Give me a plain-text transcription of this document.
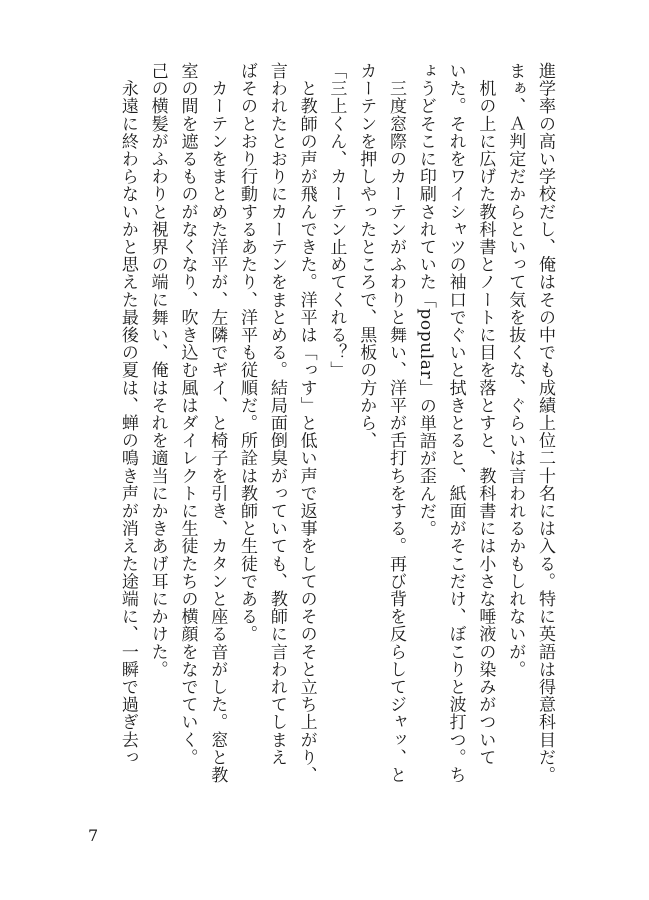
進学率の高い学校だし、俺はその中でも成績上位二十名には入る。特に英語は得意科目だ。
まぁ、Ａ判定だからといって気を抜くな、ぐらいは言われるかもしれないが。
　机の上に広げた教科書とノートに目を落とすと、教科書には小さな唾液の染みがついて
いた。それをワイシャツの袖口でぐいと拭きとると、紙面がそこだけ、ぼこりと波打つ。ち
ょうどそこに印刷されていた「popular」の単語が歪んだ。
　三度窓際のカーテンがふわりと舞い、洋平が舌打ちをする。再び背を反らしてジャッ、と
カーテンを押しやったところで、黒板の方から、
「三上くん、カーテン止めてくれる？」
　と教師の声が飛んできた。洋平は「っす」と低い声で返事をしてのそのそと立ち上がり、
言われたとおりにカーテンをまとめる。結局面倒臭がっていても、教師に言われてしまえ
ばそのとおり行動するあたり、洋平も従順だ。所詮は教師と生徒である。
　カーテンをまとめた洋平が、左隣でギイ、と椅子を引き、カタンと座る音がした。窓と教
室の間を遮るものがなくなり、吹き込む風はダイレクトに生徒たちの横顔をなでていく。
己の横髪がふわりと視界の端に舞い、俺はそれを適当にかきあげ耳にかけた。
　永遠に終わらないかと思えた最後の夏は、蝉の鳴き声が消えた途端に、一瞬で過ぎ去っ
7
